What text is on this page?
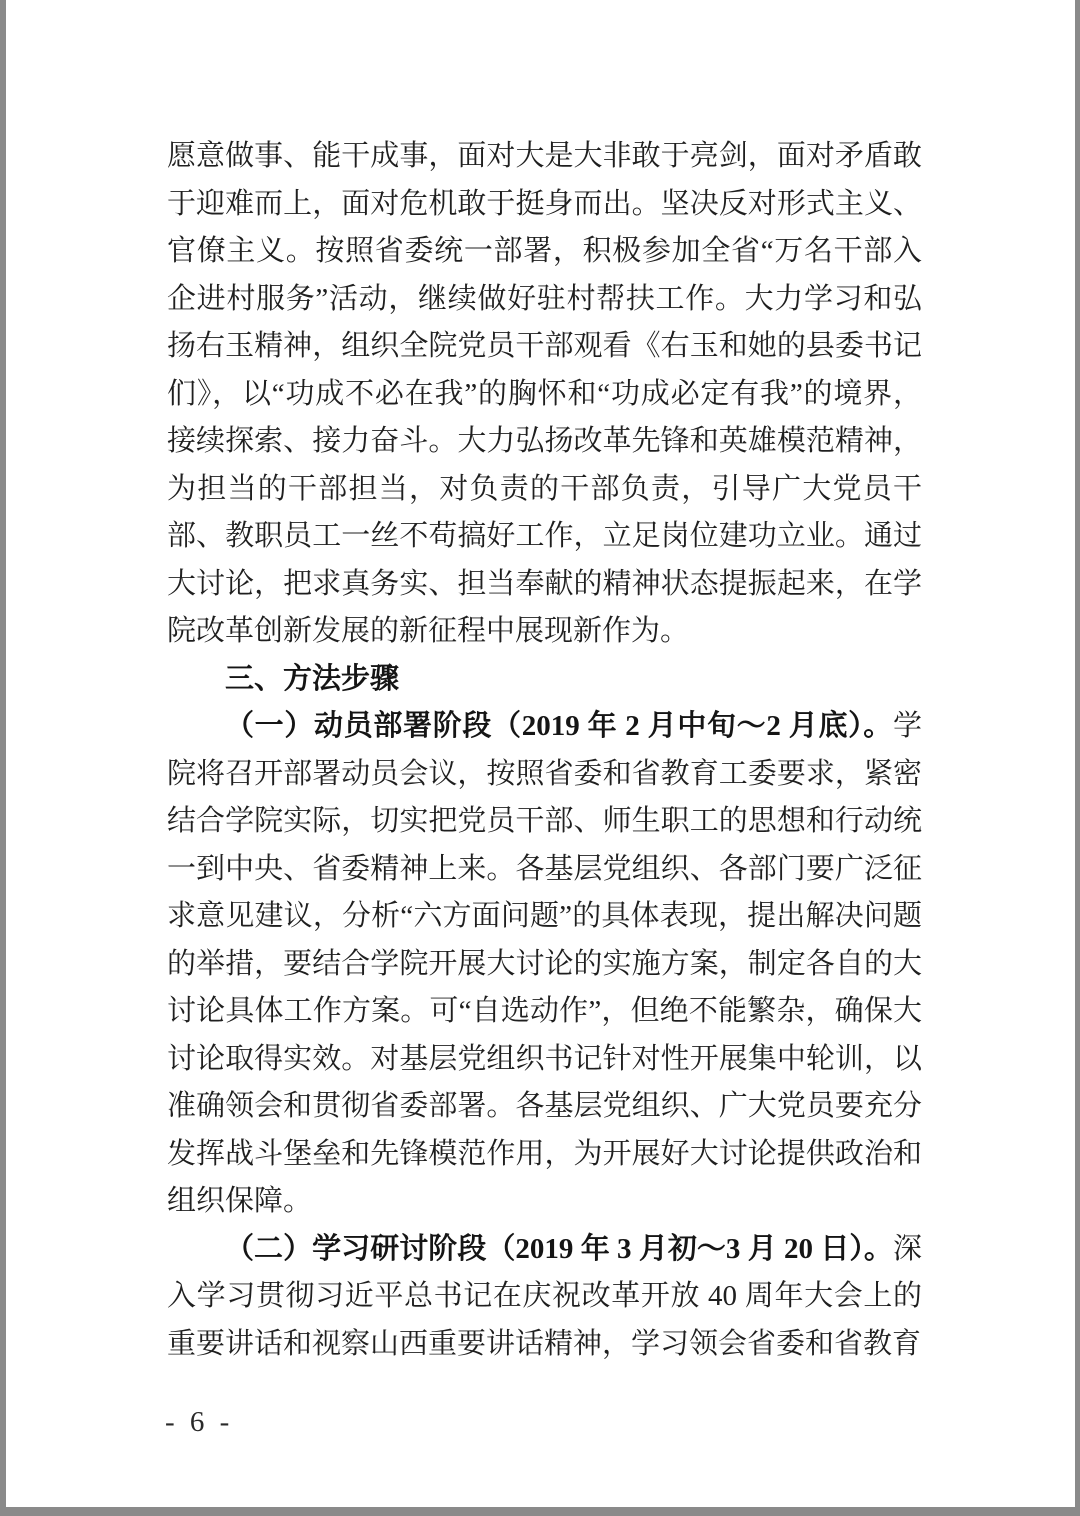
愿意做事、能干成事，面对大是大非敢于亮剑，面对矛盾敢于迎难而上，面对危机敢于挺身而出。坚决反对形式主义、官僚主义。按照省委统一部署，积极参加全省“万名干部入企进村服务”活动，继续做好驻村帮扶工作。大力学习和弘扬右玉精神，组织全院党员干部观看《右玉和她的县委书记们》，以“功成不必在我”的胸怀和“功成必定有我”的境界，接续探索、接力奋斗。大力弘扬改革先锋和英雄模范精神，为担当的干部担当，对负责的干部负责，引导广大党员干部、教职员工一丝不苟搞好工作，立足岗位建功立业。通过大讨论，把求真务实、担当奉献的精神状态提振起来，在学院改革创新发展的新征程中展现新作为。

三、方法步骤

（一）动员部署阶段（2019 年 2 月中旬～2 月底）。学院将召开部署动员会议，按照省委和省教育工委要求，紧密结合学院实际，切实把党员干部、师生职工的思想和行动统一到中央、省委精神上来。各基层党组织、各部门要广泛征求意见建议，分析“六方面问题”的具体表现，提出解决问题的举措，要结合学院开展大讨论的实施方案，制定各自的大讨论具体工作方案。可“自选动作”，但绝不能繁杂，确保大讨论取得实效。对基层党组织书记针对性开展集中轮训，以准确领会和贯彻省委部署。各基层党组织、广大党员要充分发挥战斗堡垒和先锋模范作用，为开展好大讨论提供政治和组织保障。

（二）学习研讨阶段（2019 年 3 月初～3 月 20 日）。深入学习贯彻习近平总书记在庆祝改革开放 40 周年大会上的重要讲话和视察山西重要讲话精神，学习领会省委和省教育

- 6 -
